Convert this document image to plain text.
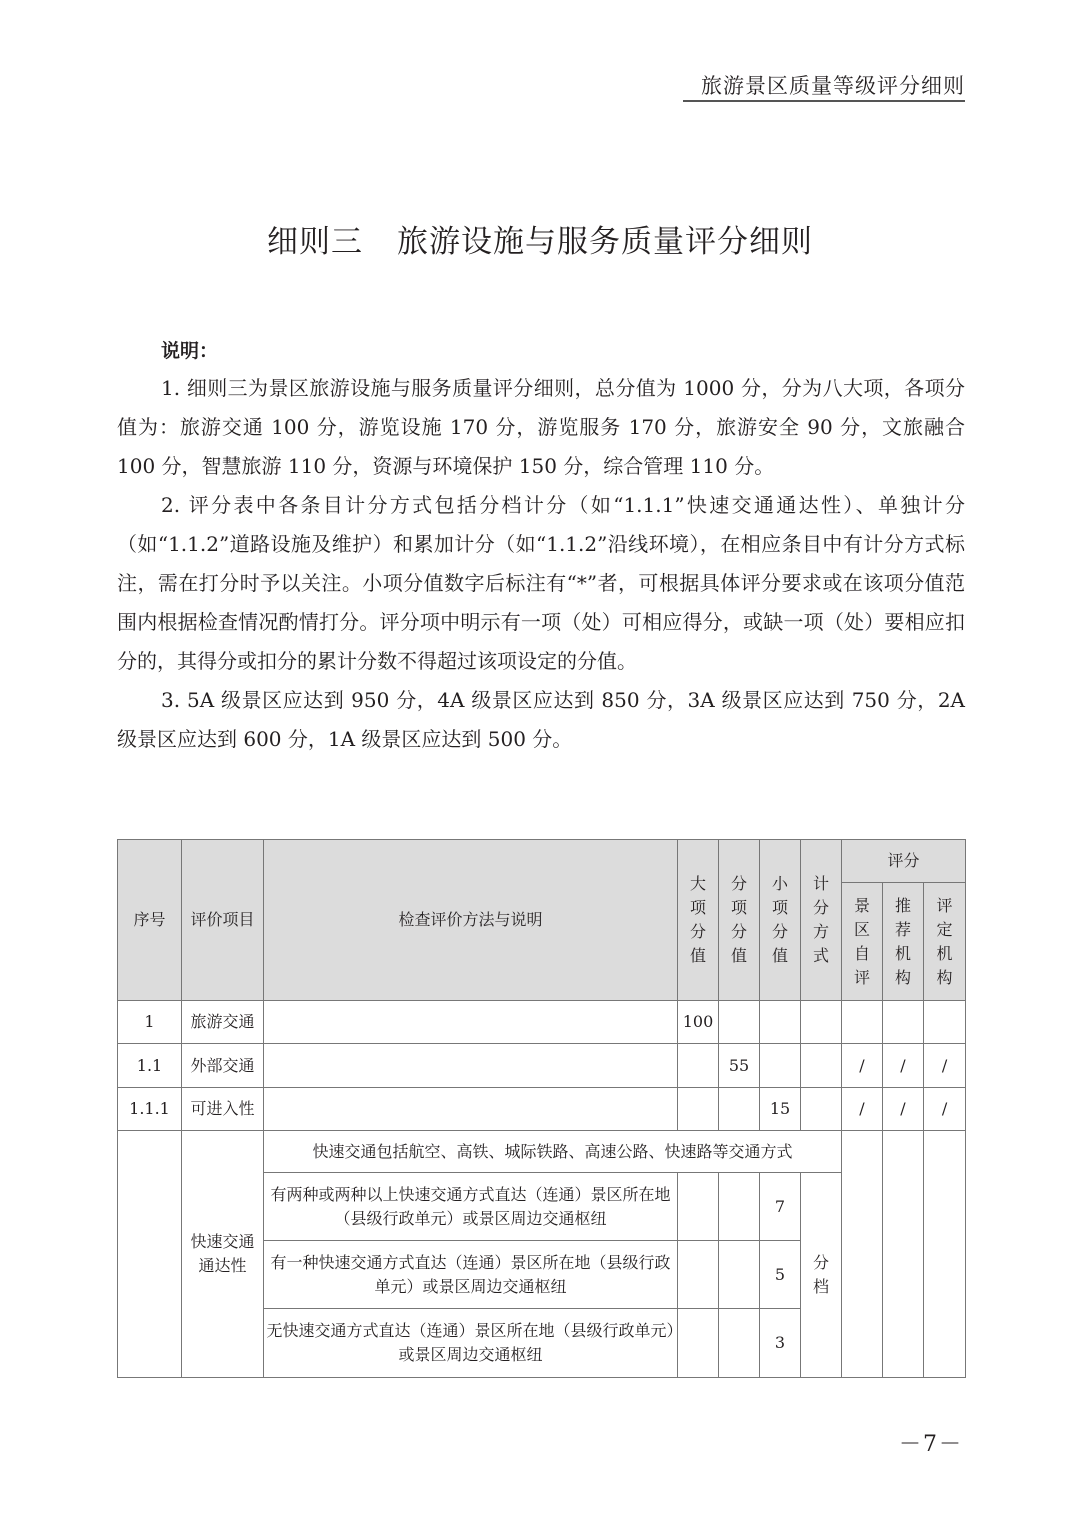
旅游景区质量等级评分细则
细则三 旅游设施与服务质量评分细则
说明：

1. 细则三为景区旅游设施与服务质量评分细则，总分值为 1000 分，分为八大项，各项分值为：旅游交通 100 分，游览设施 170 分，游览服务 170 分，旅游安全 90 分，文旅融合 100 分，智慧旅游 110 分，资源与环境保护 150 分，综合管理 110 分。

2. 评分表中各条目计分方式包括分档计分（如“1.1.1”快速交通通达性）、单独计分（如“1.1.2”道路设施及维护）和累加计分（如“1.1.2”沿线环境），在相应条目中有计分方式标注，需在打分时予以关注。小项分值数字后标注有“*”者，可根据具体评分要求或在该项分值范围内根据检查情况酌情打分。评分项中明示有一项（处）可相应得分，或缺一项（处）要相应扣分的，其得分或扣分的累计分数不得超过该项设定的分值。

3. 5A 级景区应达到 950 分，4A 级景区应达到 850 分，3A 级景区应达到 750 分，2A 级景区应达到 600 分，1A 级景区应达到 500 分。

序号	评价项目	检查评价方法与说明	大项分值	分项分值	小项分值	计分方式	评分		
							景区自评	推荐机构	评定机构
1	旅游交通		100						
1.1	外部交通			55			/	/	/
1.1.1	可进入性				15		/	/	/
	快速交通通达性	快速交通包括航空、高铁、城际铁路、高速公路、快速路等交通方式							
		有两种或两种以上快速交通方式直达（连通）景区所在地（县级行政单元）或景区周边交通枢纽			7	分档			
		有一种快速交通方式直达（连通）景区所在地（县级行政单元）或景区周边交通枢纽			5				
		无快速交通方式直达（连通）景区所在地（县级行政单元）或景区周边交通枢纽			3				
－7－
